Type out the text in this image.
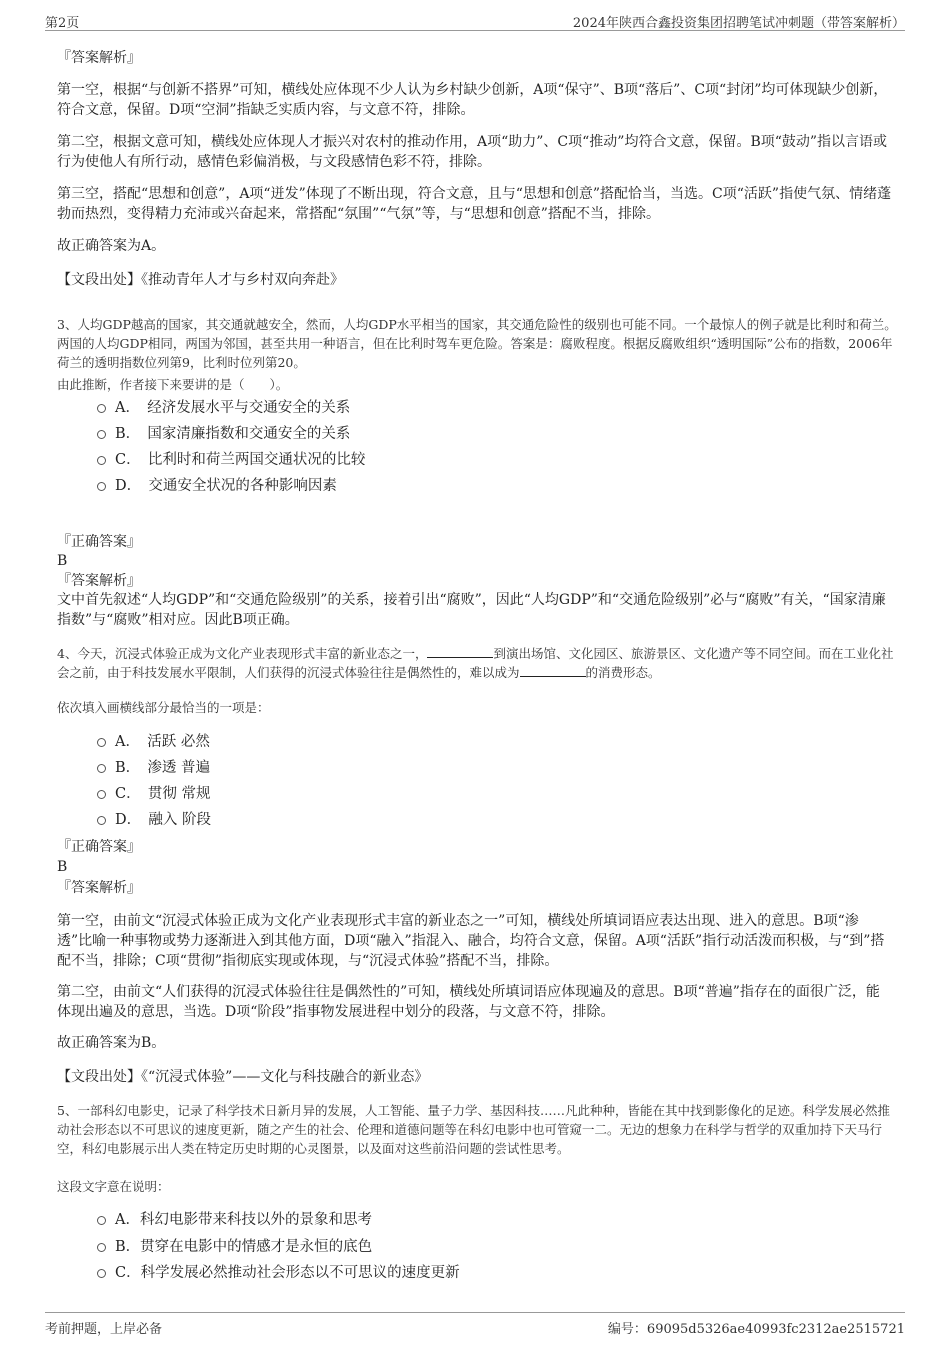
第2页	2024年陕西合鑫投资集团招聘笔试冲刺题（带答案解析）

『答案解析』

第一空，根据“与创新不搭界”可知，横线处应体现不少人认为乡村缺少创新，A项“保守”、B项“落后”、C项“封闭”均可体现缺少创新，符合文意，保留。D项“空洞”指缺乏实质内容，与文意不符，排除。

第二空，根据文意可知，横线处应体现人才振兴对农村的推动作用，A项“助力”、C项“推动”均符合文意，保留。B项“鼓动”指以言语或行为使他人有所行动，感情色彩偏消极，与文段感情色彩不符，排除。

第三空，搭配“思想和创意”，A项“迸发”体现了不断出现，符合文意，且与“思想和创意”搭配恰当，当选。C项“活跃”指使气氛、情绪蓬勃而热烈，变得精力充沛或兴奋起来，常搭配“氛围”“气氛”等，与“思想和创意”搭配不当，排除。

故正确答案为A。

【文段出处】《推动青年人才与乡村双向奔赴》

3、人均GDP越高的国家，其交通就越安全，然而，人均GDP水平相当的国家，其交通危险性的级别也可能不同。一个最惊人的例子就是比利时和荷兰。两国的人均GDP相同，两国为邻国，甚至共用一种语言，但在比利时驾车更危险。答案是：腐败程度。根据反腐败组织“透明国际”公布的指数，2006年荷兰的透明指数位列第9，比利时位列第20。

由此推断，作者接下来要讲的是（　　）。

A．　经济发展水平与交通安全的关系
B．　国家清廉指数和交通安全的关系
C．　比利时和荷兰两国交通状况的比较
D．　交通安全状况的各种影响因素

『正确答案』

B

『答案解析』

文中首先叙述“人均GDP”和“交通危险级别”的关系，接着引出“腐败”，因此“人均GDP”和“交通危险级别”必与“腐败”有关，“国家清廉指数”与“腐败”相对应。因此B项正确。

4、今天，沉浸式体验正成为文化产业表现形式丰富的新业态之一，	到演出场馆、文化园区、旅游景区、文化遗产等不同空间。而在工业化社会之前，由于科技发展水平限制，人们获得的沉浸式体验往往是偶然性的，难以成为	的消费形态。

依次填入画横线部分最恰当的一项是：

A．　活跃 必然
B．　渗透 普遍
C．　贯彻 常规
D．　融入 阶段

『正确答案』

B

『答案解析』

第一空，由前文“沉浸式体验正成为文化产业表现形式丰富的新业态之一”可知，横线处所填词语应表达出现、进入的意思。B项“渗透”比喻一种事物或势力逐渐进入到其他方面，D项“融入”指混入、融合，均符合文意，保留。A项“活跃”指行动活泼而积极，与“到”搭配不当，排除；C项“贯彻”指彻底实现或体现，与“沉浸式体验”搭配不当，排除。

第二空，由前文“人们获得的沉浸式体验往往是偶然性的”可知，横线处所填词语应体现遍及的意思。B项“普遍”指存在的面很广泛，能体现出遍及的意思，当选。D项“阶段”指事物发展进程中划分的段落，与文意不符，排除。

故正确答案为B。

【文段出处】《“沉浸式体验”——文化与科技融合的新业态》

5、一部科幻电影史，记录了科学技术日新月异的发展，人工智能、量子力学、基因科技……凡此种种，皆能在其中找到影像化的足迹。科学发展必然推动社会形态以不可思议的速度更新，随之产生的社会、伦理和道德问题等在科幻电影中也可管窥一二。无边的想象力在科学与哲学的双重加持下天马行空，科幻电影展示出人类在特定历史时期的心灵图景，以及面对这些前沿问题的尝试性思考。

这段文字意在说明：

A．科幻电影带来科技以外的景象和思考
B．贯穿在电影中的情感才是永恒的底色
C．科学发展必然推动社会形态以不可思议的速度更新
考前押题，上岸必备	编号：69095d5326ae40993fc2312ae2515721
